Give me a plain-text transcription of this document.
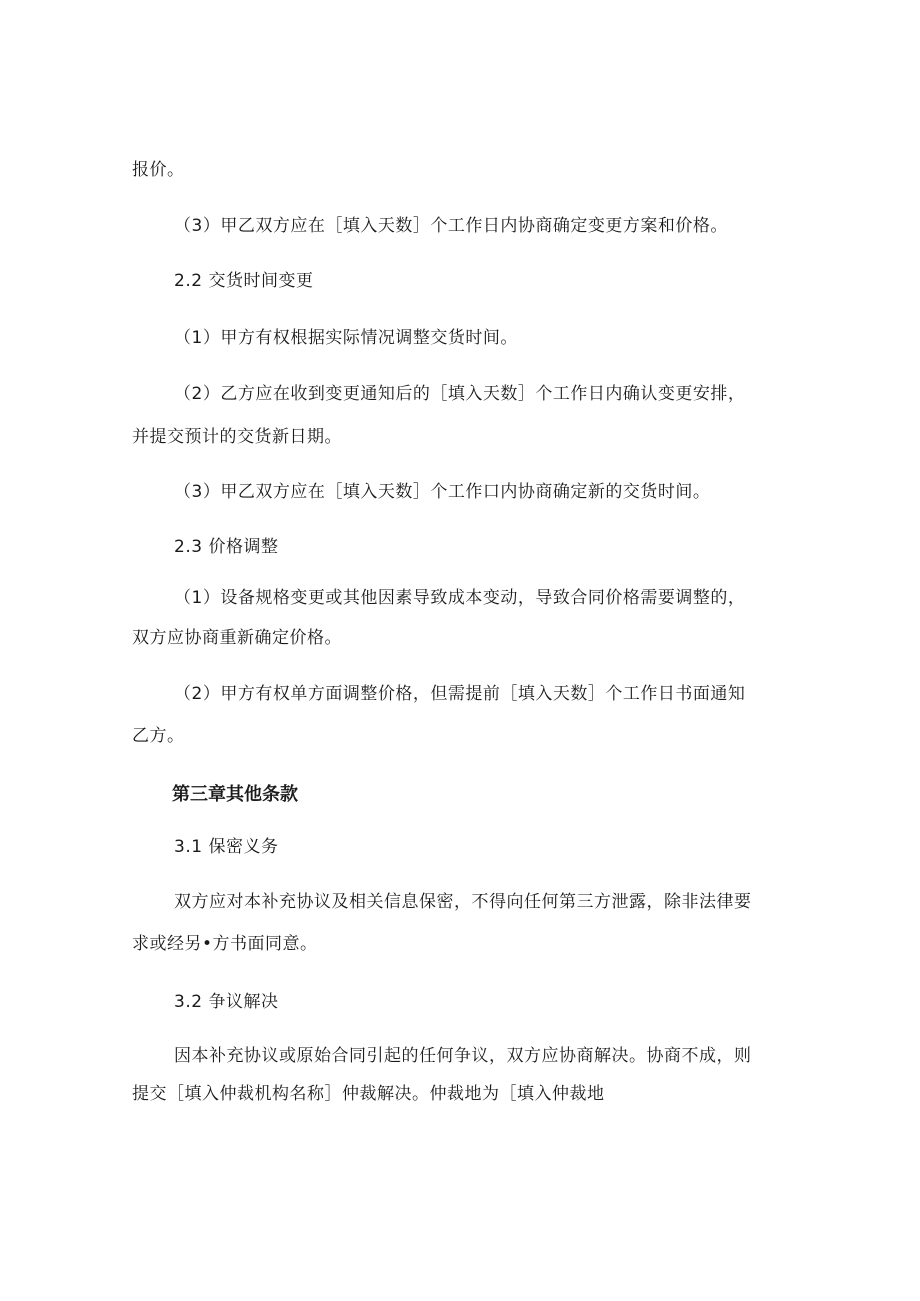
报价。
（3）甲乙双方应在［填入天数］个工作日内协商确定变更方案和价格。
2.2 交货时间变更
（1）甲方有权根据实际情况调整交货时间。
（2）乙方应在收到变更通知后的［填入天数］个工作日内确认变更安排，
并提交预计的交货新日期。
（3）甲乙双方应在［填入天数］个工作口内协商确定新的交货时间。
2.3 价格调整
（1）设备规格变更或其他因素导致成本变动，导致合同价格需要调整的，
双方应协商重新确定价格。
（2）甲方有权单方面调整价格，但需提前［填入天数］个工作日书面通知
乙方。
第三章其他条款
3.1 保密义务
双方应对本补充协议及相关信息保密，不得向任何第三方泄露，除非法律要
求或经另•方书面同意。
3.2 争议解决
因本补充协议或原始合同引起的任何争议，双方应协商解决。协商不成，则
提交［填入仲裁机构名称］仲裁解决。仲裁地为［填入仲裁地
